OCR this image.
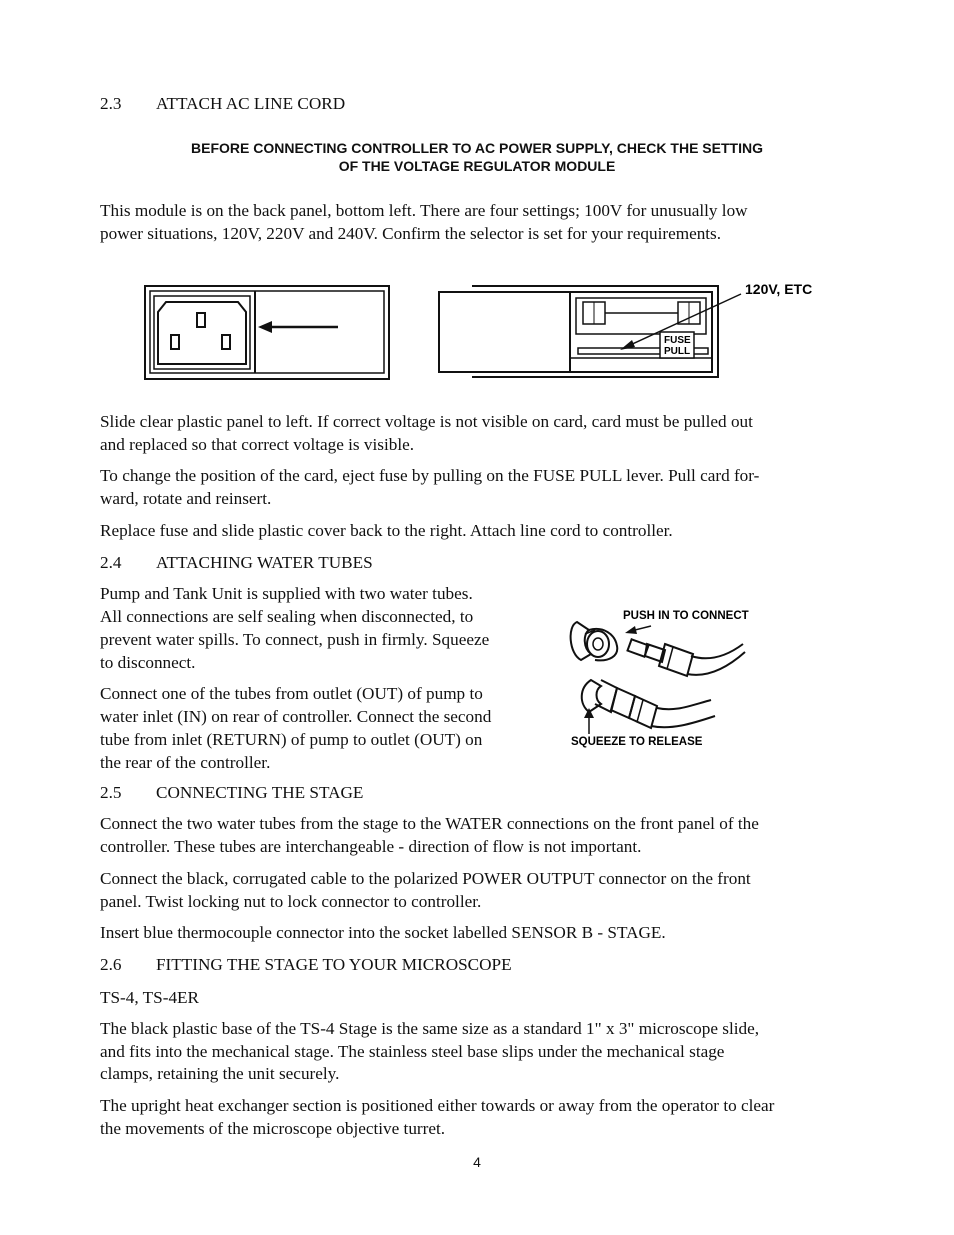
2.3 ATTACH AC LINE CORD

BEFORE CONNECTING CONTROLLER TO AC POWER SUPPLY, CHECK THE SETTING
OF THE VOLTAGE REGULATOR MODULE

This module is on the back panel, bottom left. There are four settings; 100V for unusually low

power situations, 120V, 220V and 240V. Confirm the selector is set for your requirements.

FUSE
PULL
120V, ETC

Slide clear plastic panel to left. If correct voltage is not visible on card, card must be pulled out

and replaced so that correct voltage is visible.

To change the position of the card, eject fuse by pulling on the FUSE PULL lever. Pull card for-

ward, rotate and reinsert.

Replace fuse and slide plastic cover back to the right. Attach line cord to controller.

2.4 ATTACHING WATER TUBES

Pump and Tank Unit is supplied with two water tubes.

All connections are self sealing when disconnected, to

prevent water spills. To connect, push in firmly. Squeeze

to disconnect.

Connect one of the tubes from outlet (OUT) of pump to

water inlet (IN) on rear of controller. Connect the second

tube from inlet (RETURN) of pump to outlet (OUT) on

the rear of the controller.

PUSH IN TO CONNECT
SQUEEZE TO RELEASE

2.5 CONNECTING THE STAGE

Connect the two water tubes from the stage to the WATER connections on the front panel of the

controller. These tubes are interchangeable - direction of flow is not important.

Connect the black, corrugated cable to the polarized POWER OUTPUT connector on the front

panel. Twist locking nut to lock connector to controller.

Insert blue thermocouple connector into the socket labelled SENSOR B - STAGE.

2.6 FITTING THE STAGE TO YOUR MICROSCOPE

TS-4, TS-4ER

The black plastic base of the TS-4 Stage is the same size as a standard 1" x 3" microscope slide,

and fits into the mechanical stage. The stainless steel base slips under the mechanical stage

clamps, retaining the unit securely.

The upright heat exchanger section is positioned either towards or away from the operator to clear

the movements of the microscope objective turret.

4
